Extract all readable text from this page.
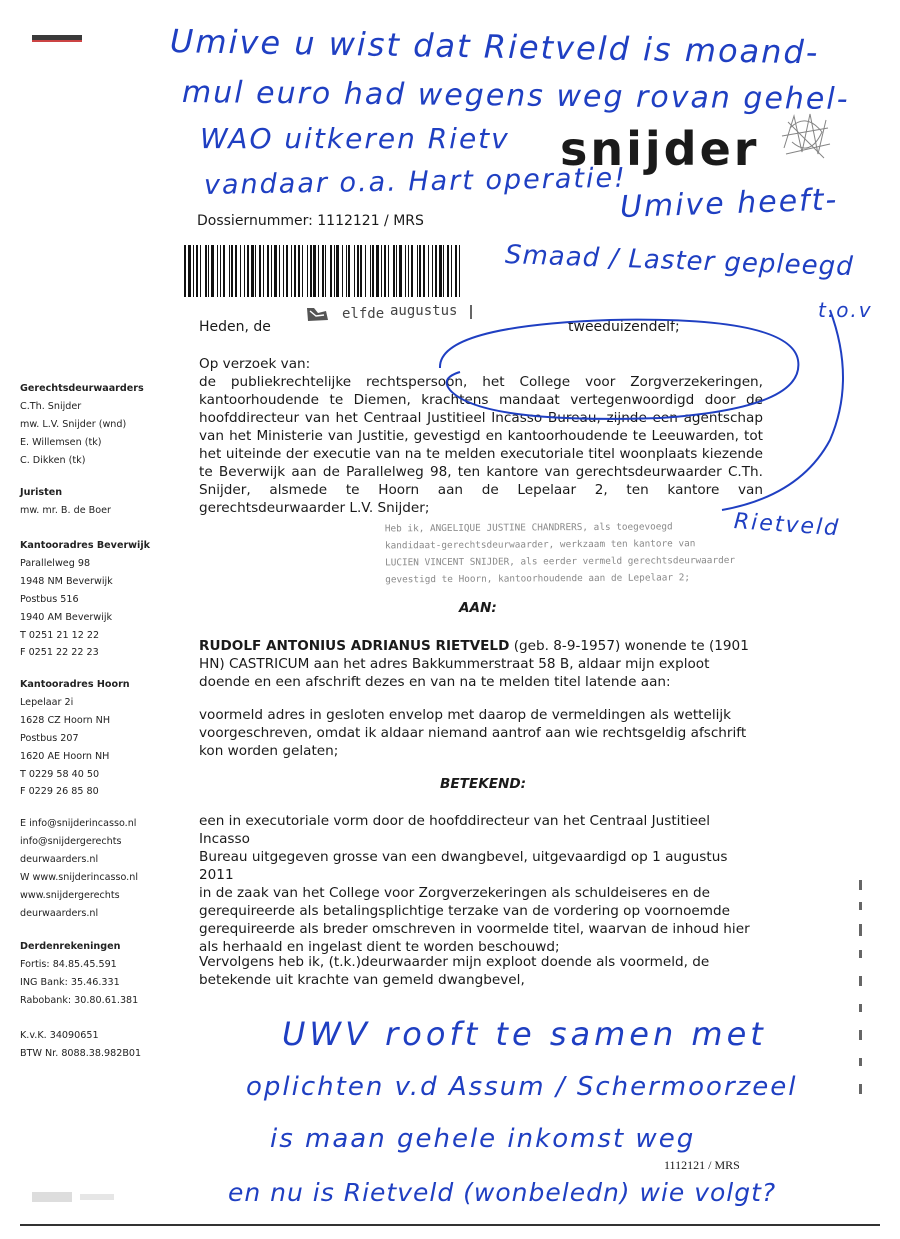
snijder
Dossiernummer: 1112121 / MRS
Heden, de
elfde augustus
tweeduizendelf;
Op verzoek van:
de publiekrechtelijke rechtspersoon, het College voor Zorgverzekeringen,
kantoorhoudende te Diemen, krachtens mandaat vertegenwoordigd door de
hoofddirecteur van het Centraal Justitieel Incasso Bureau, zijnde een agentschap
van het Ministerie van Justitie, gevestigd en kantoorhoudende te Leeuwarden, tot
het uiteinde der executie van na te melden executoriale titel woonplaats kiezende
te Beverwijk aan de Parallelweg 98, ten kantore van gerechtsdeurwaarder C.Th.
Snijder, alsmede te Hoorn aan de Lepelaar 2, ten kantore van
gerechtsdeurwaarder L.V. Snijder;
Heb ik, ANGELIQUE JUSTINE CHANDRERS, als toegevoegd
kandidaat-gerechtsdeurwaarder, werkzaam ten kantore van
LUCIEN VINCENT SNIJDER, als eerder vermeld gerechtsdeurwaarder
gevestigd te Hoorn, kantoorhoudende aan de Lepelaar 2;
AAN:
RUDOLF ANTONIUS ADRIANUS RIETVELD (geb. 8-9-1957) wonende te (1901
HN) CASTRICUM aan het adres Bakkummerstraat 58 B, aldaar mijn exploot
doende en een afschrift dezes en van na te melden titel latende aan:
voormeld adres in gesloten envelop met daarop de vermeldingen als wettelijk
voorgeschreven, omdat ik aldaar niemand aantrof aan wie rechtsgeldig afschrift
kon worden gelaten;
BETEKEND:
een in executoriale vorm door de hoofddirecteur van het Centraal Justitieel Incasso
Bureau uitgegeven grosse van een dwangbevel, uitgevaardigd op 1 augustus 2011
in de zaak van het College voor Zorgverzekeringen als schuldeiseres en de
gerequireerde als betalingsplichtige terzake van de vordering op voornoemde
gerequireerde als breder omschreven in voormelde titel, waarvan de inhoud hier
als herhaald en ingelast dient te worden beschouwd;
Vervolgens heb ik, (t.k.)deurwaarder mijn exploot doende als voormeld, de
betekende uit krachte van gemeld dwangbevel,
1112121 / MRS
Gerechtsdeurwaarders
C.Th. Snijder
mw. L.V. Snijder (wnd)
E. Willemsen (tk)
C. Dikken (tk)
Juristen
mw. mr. B. de Boer
Kantooradres Beverwijk
Parallelweg 98
1948 NM Beverwijk
Postbus 516
1940 AM Beverwijk
T 0251 21 12 22
F 0251 22 22 23
Kantooradres Hoorn
Lepelaar 2i
1628 CZ Hoorn NH
Postbus 207
1620 AE Hoorn NH
T 0229 58 40 50
F 0229 26 85 80
E info@snijderincasso.nl
info@snijdergerechts
deurwaarders.nl
W www.snijderincasso.nl
www.snijdergerechts
deurwaarders.nl
Derdenrekeningen
Fortis: 84.85.45.591
ING Bank: 35.46.331
Rabobank: 30.80.61.381
K.v.K. 34090651
BTW Nr. 8088.38.982B01
Umive u wist dat Rietveld is moand-
mul euro had wegens weg rovan gehel-
WAO uitkeren Rietv
vandaar o.a. Hart operatie!
Umive heeft-
Smaad / Laster gepleegd
t.o.v
Rietveld
UWV rooft te samen met
oplichten v.d Assum / Schermoorzeel
is maan gehele inkomst weg
en nu is Rietveld (wonbeledn) wie volgt?
